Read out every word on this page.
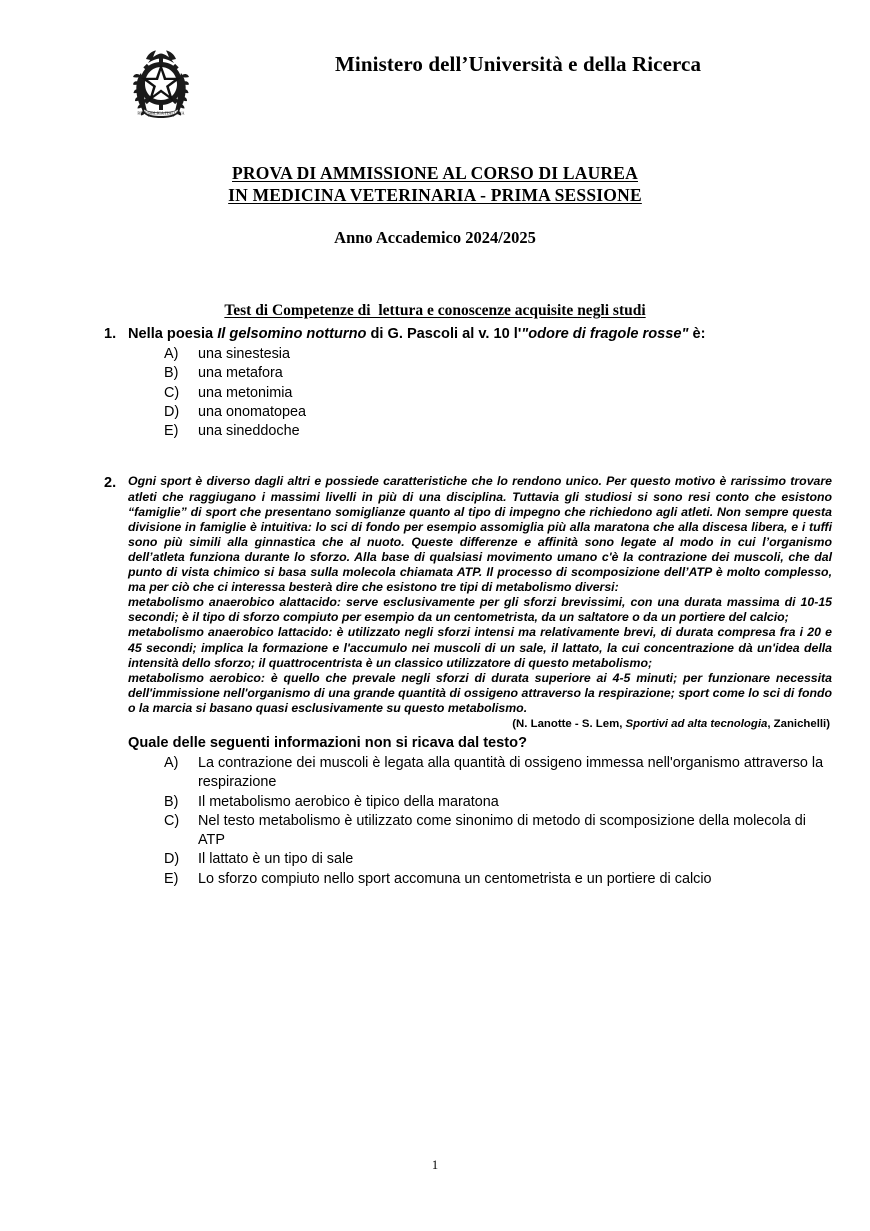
REPVBBLICA ITALIANA
Ministero dell’Università e della Ricerca
PROVA DI AMMISSIONE AL CORSO DI LAUREA
IN MEDICINA VETERINARIA - PRIMA SESSIONE
Anno Accademico 2024/2025
Test di Competenze di  lettura e conoscenze acquisite negli studi
1. Nella poesia Il gelsomino notturno di G. Pascoli al v. 10 l'"odore di fragole rosse" è:
A)	una sinestesia
B)	una metafora
C)	una metonimia
D)	una onomatopea
E)	una sineddoche
2. Ogni sport è diverso dagli altri e possiede caratteristiche che lo rendono unico. Per questo motivo è rarissimo trovare atleti che raggiugano i massimi livelli in più di una disciplina. Tuttavia gli studiosi si sono resi conto che esistono “famiglie” di sport che presentano somiglianze quanto al tipo di impegno che richiedono agli atleti. Non sempre questa divisione in famiglie è intuitiva: lo sci di fondo per esempio assomiglia più alla maratona che alla discesa libera, e i tuffi sono più simili alla ginnastica che al nuoto. Queste differenze e affinità sono legate al modo in cui l’organismo dell’atleta funziona durante lo sforzo. Alla base di qualsiasi movimento umano c'è la contrazione dei muscoli, che dal punto di vista chimico si basa sulla molecola chiamata ATP. Il processo di scomposizione dell’ATP è molto complesso, ma per ciò che ci interessa besterà dire che esistono tre tipi di metabolismo diversi:

metabolismo anaerobico alattacido: serve esclusivamente per gli sforzi brevissimi, con una durata massima di 10-15 secondi; è il tipo di sforzo compiuto per esempio da un centometrista, da un saltatore o da un portiere del calcio;

metabolismo anaerobico lattacido: è utilizzato negli sforzi intensi ma relativamente brevi, di durata compresa fra i 20 e 45 secondi; implica la formazione e l'accumulo nei muscoli di un sale, il lattato, la cui concentrazione dà un'idea della intensità dello sforzo; il quattrocentrista è un classico utilizzatore di questo metabolismo;

metabolismo aerobico: è quello che prevale negli sforzi di durata superiore ai 4-5 minuti; per funzionare necessita dell'immissione nell'organismo di una grande quantità di ossigeno attraverso la respirazione; sport come lo sci di fondo o la marcia si basano quasi esclusivamente su questo metabolismo.

(N. Lanotte - S. Lem, Sportivi ad alta tecnologia, Zanichelli)
Quale delle seguenti informazioni non si ricava dal testo?
A)	La contrazione dei muscoli è legata alla quantità di ossigeno immessa nell'organismo attraverso la respirazione
B)	Il metabolismo aerobico è tipico della maratona
C)	Nel testo metabolismo è utilizzato come sinonimo di metodo di scomposizione della molecola di ATP
D)	Il lattato è un tipo di sale
E)	Lo sforzo compiuto nello sport accomuna un centometrista e un portiere di calcio
1
